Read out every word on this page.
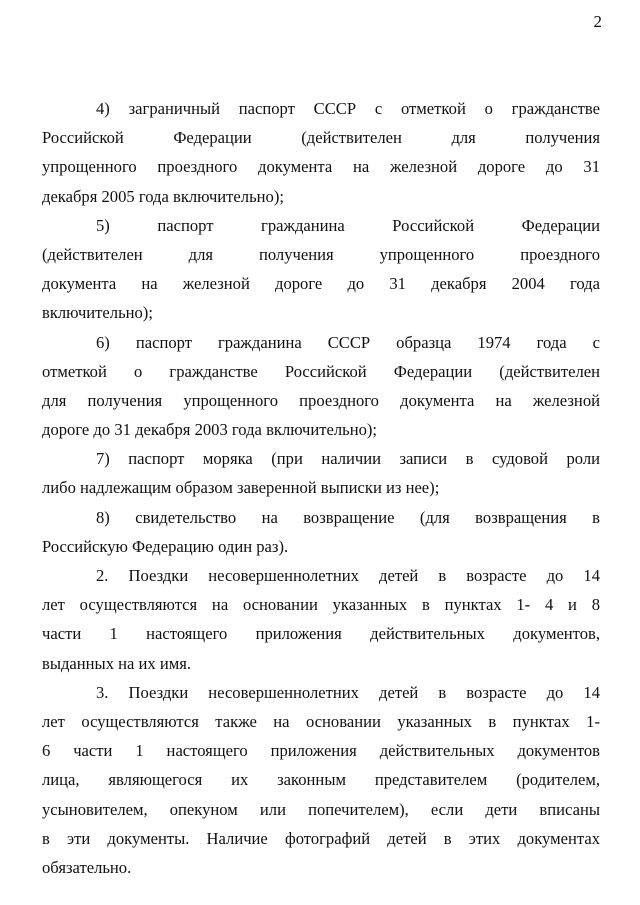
2
4) заграничный паспорт СССР с отметкой о гражданстве
Российской Федерации (действителен для получения
упрощенного проездного документа на железной дороге до 31
декабря 2005 года включительно);
5) паспорт гражданина Российской Федерации
(действителен для получения упрощенного проездного
документа на железной дороге до 31 декабря 2004 года
включительно);
6) паспорт гражданина СССР образца 1974 года с
отметкой о гражданстве Российской Федерации (действителен
для получения упрощенного проездного документа на железной
дороге до 31 декабря 2003 года включительно);
7) паспорт моряка (при наличии записи в судовой роли
либо надлежащим образом заверенной выписки из нее);
8) свидетельство на возвращение (для возвращения в
Российскую Федерацию один раз).
2. Поездки несовершеннолетних детей в возрасте до 14
лет осуществляются на основании указанных в пунктах 1- 4 и 8
части 1 настоящего приложения действительных документов,
выданных на их имя.
3. Поездки несовершеннолетних детей в возрасте до 14
лет осуществляются также на основании указанных в пунктах 1-
6 части 1 настоящего приложения действительных документов
лица, являющегося их законным представителем (родителем,
усыновителем, опекуном или попечителем), если дети вписаны
в эти документы. Наличие фотографий детей в этих документах
обязательно.
